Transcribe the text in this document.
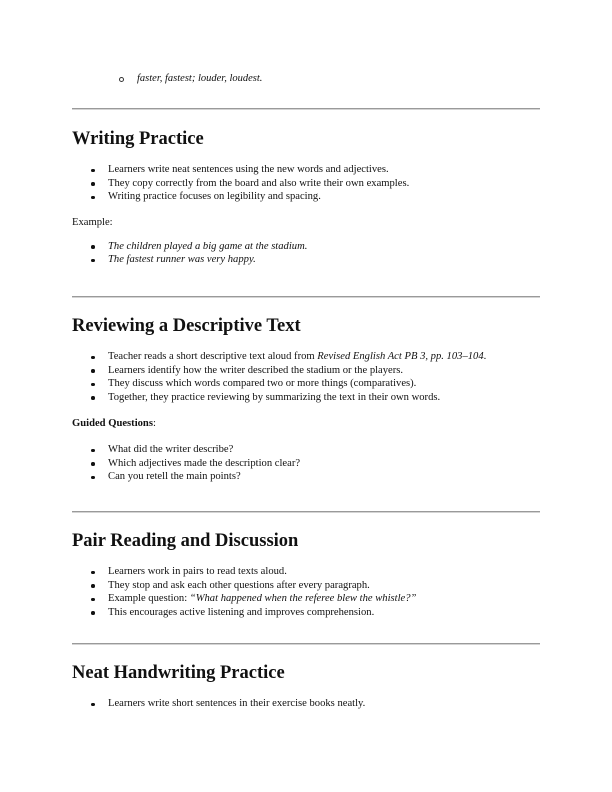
faster, fastest; louder, loudest.
Writing Practice
Learners write neat sentences using the new words and adjectives.
They copy correctly from the board and also write their own examples.
Writing practice focuses on legibility and spacing.

Example:

The children played a big game at the stadium.
The fastest runner was very happy.
Reviewing a Descriptive Text
Teacher reads a short descriptive text aloud from Revised English Act PB 3, pp. 103–104.
Learners identify how the writer described the stadium or the players.
They discuss which words compared two or more things (comparatives).
Together, they practice reviewing by summarizing the text in their own words.

Guided Questions:

What did the writer describe?
Which adjectives made the description clear?
Can you retell the main points?
Pair Reading and Discussion
Learners work in pairs to read texts aloud.
They stop and ask each other questions after every paragraph.
Example question: “What happened when the referee blew the whistle?”
This encourages active listening and improves comprehension.
Neat Handwriting Practice
Learners write short sentences in their exercise books neatly.
